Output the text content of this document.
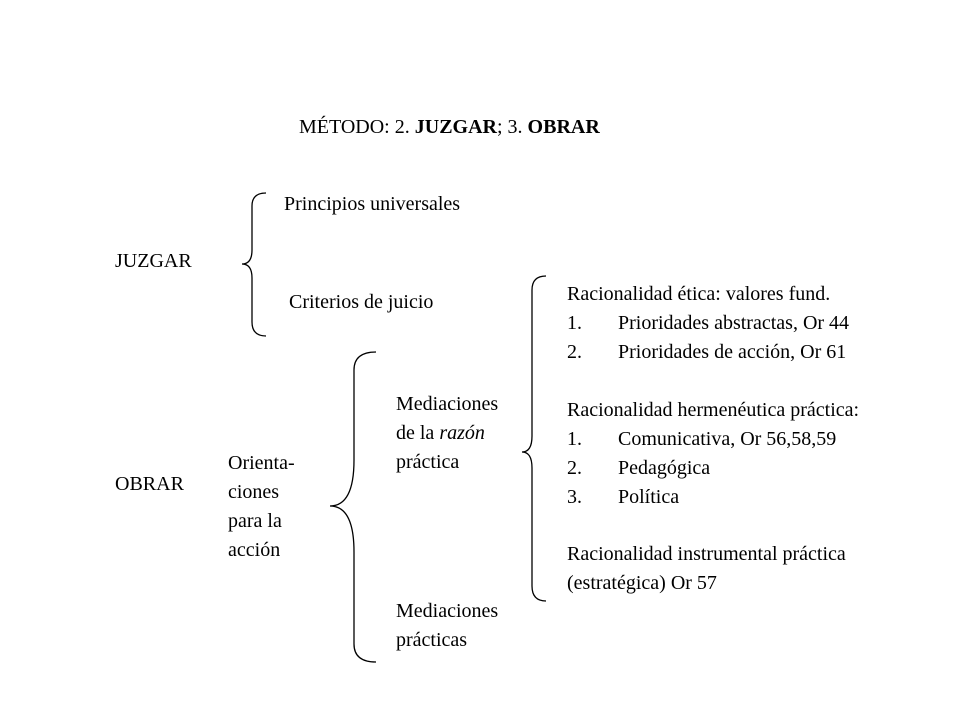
MÉTODO: 2. JUZGAR; 3. OBRAR
JUZGAR
Principios universales
Criterios de juicio
OBRAR
Orienta-
ciones
para la
acción
Mediaciones
de la razón
práctica
Mediaciones
prácticas
Racionalidad ética: valores fund.
1. Prioridades abstractas, Or 44
2. Prioridades de acción, Or 61
Racionalidad hermenéutica práctica:
1. Comunicativa, Or 56,58,59
2. Pedagógica
3. Política
Racionalidad instrumental práctica
(estratégica) Or 57
